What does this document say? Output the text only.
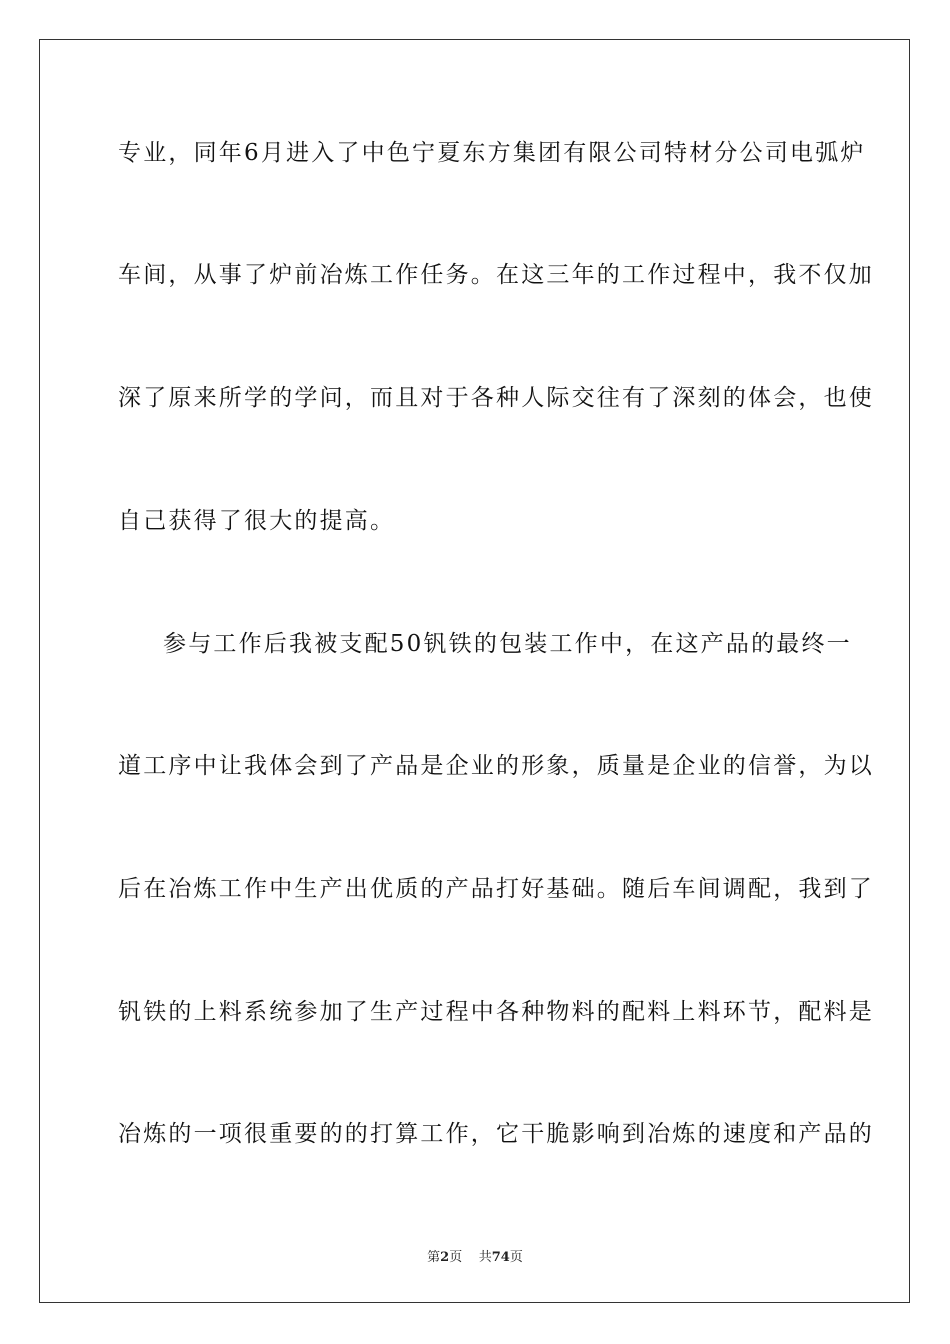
专业，同年6月进入了中色宁夏东方集团有限公司特材分公司电弧炉
车间，从事了炉前冶炼工作任务。在这三年的工作过程中，我不仅加
深了原来所学的学问，而且对于各种人际交往有了深刻的体会，也使
自己获得了很大的提高。
参与工作后我被支配50钒铁的包装工作中，在这产品的最终一
道工序中让我体会到了产品是企业的形象，质量是企业的信誉，为以
后在冶炼工作中生产出优质的产品打好基础。随后车间调配，我到了
钒铁的上料系统参加了生产过程中各种物料的配料上料环节，配料是
冶炼的一项很重要的的打算工作，它干脆影响到冶炼的速度和产品的
第2页 共74页
